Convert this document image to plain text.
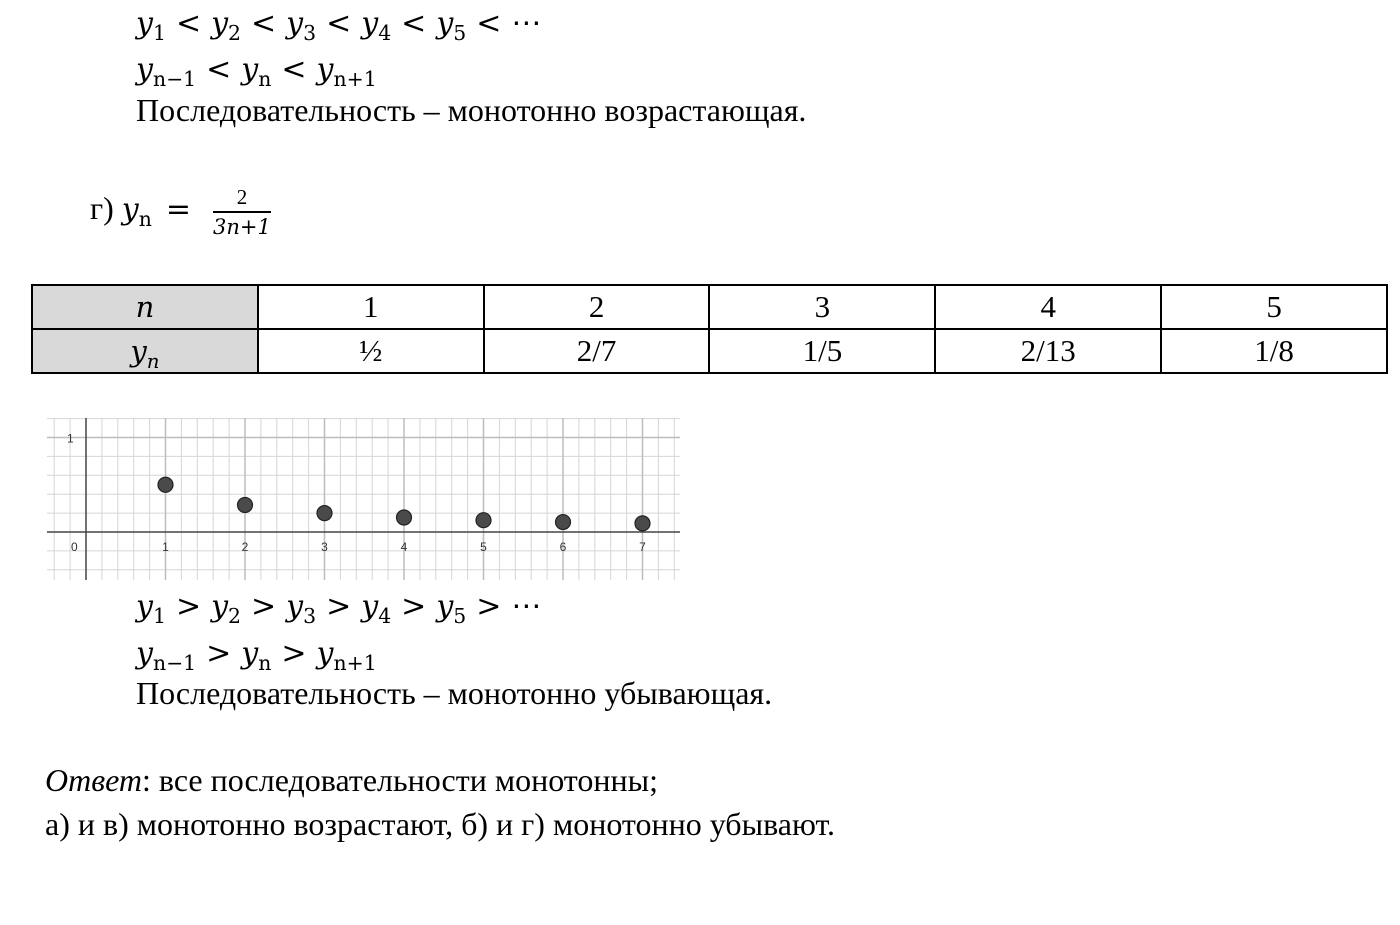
$y_1 < y_2 < y_3 < y_4 < y_5$ < ⋯
$y_{n-1} < y_n < y_{n+1}$
Последовательность – монотонно возрастающая.
г) $y_n = \frac{2}{3n+1}$
n	1	2	3	4	5
$y_n$	½	2/7	1/5	2/13	1/8
0
1
1	2	3	4	5	6	7
$y_1 > y_2 > y_3 > y_4 > y_5$ > ⋯
$y_{n-1} > y_n > y_{n+1}$
Последовательность – монотонно убывающая.
Ответ: все последовательности монотонны;
а) и в) монотонно возрастают, б) и г) монотонно убывают.
